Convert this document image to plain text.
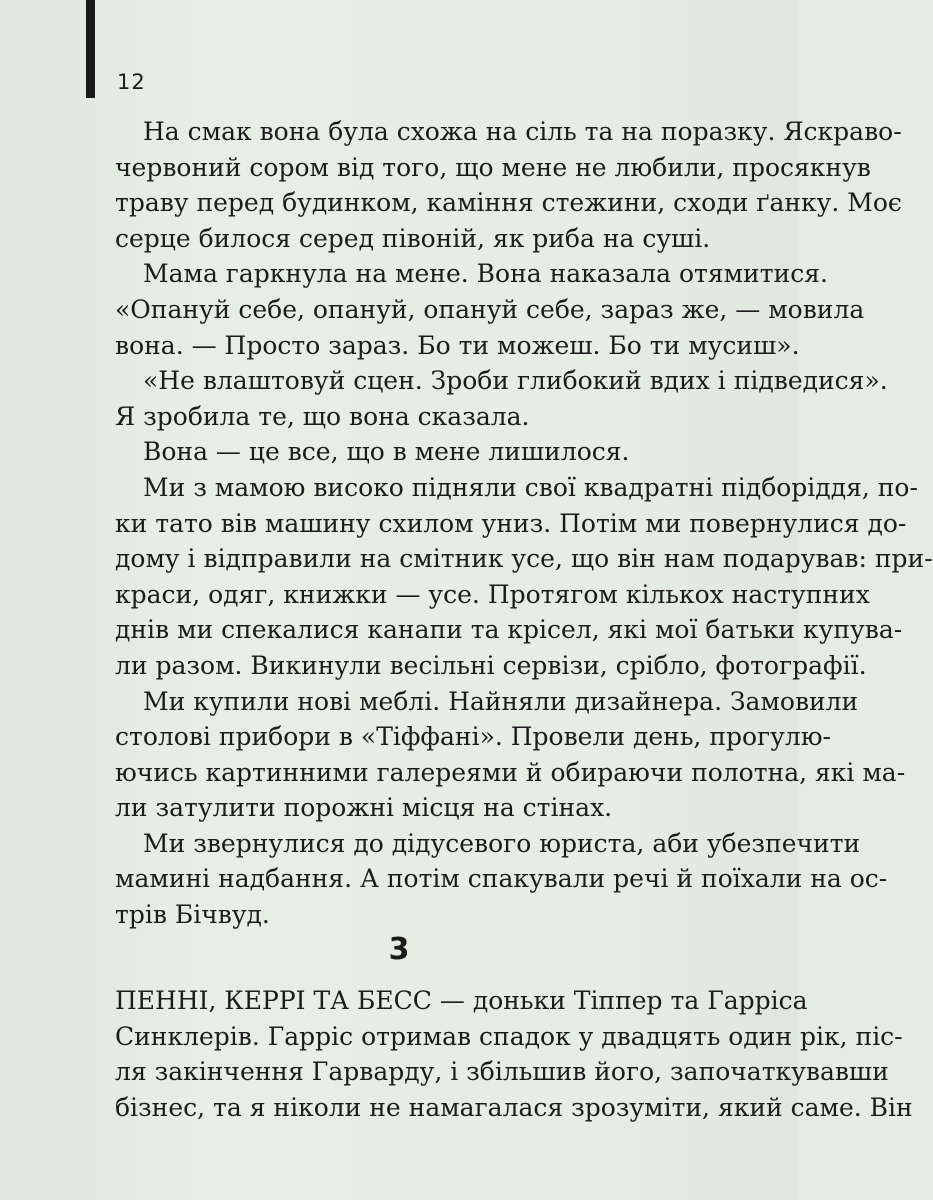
12
На смак вона була схожа на сіль та на поразку. Яскраво-
червоний сором від того, що мене не любили, просякнув
траву перед будинком, каміння стежини, сходи ґанку. Моє
серце билося серед півоній, як риба на суші.
Мама гаркнула на мене. Вона наказала отямитися.
«Опануй себе, опануй, опануй себе, зараз же, — мовила
вона. — Просто зараз. Бо ти можеш. Бо ти мусиш».
«Не влаштовуй сцен. Зроби глибокий вдих і підведися».
Я зробила те, що вона сказала.
Вона — це все, що в мене лишилося.
Ми з мамою високо підняли свої квадратні підборіддя, по-
ки тато вів машину схилом униз. Потім ми повернулися до-
дому і відправили на смітник усе, що він нам подарував: при-
краси, одяг, книжки — усе. Протягом кількох наступних
днів ми спекалися канапи та крісел, які мої батьки купува-
ли разом. Викинули весільні сервізи, срібло, фотографії.
Ми купили нові меблі. Найняли дизайнера. Замовили
столові прибори в «Тіффані». Провели день, прогулю-
ючись картинними галереями й обираючи полотна, які ма-
ли затулити порожні місця на стінах.
Ми звернулися до дідусевого юриста, аби убезпечити
мамині надбання. А потім спакували речі й поїхали на ос-
трів Бічвуд.
3
ПЕННІ, КЕРРІ ТА БЕСС — доньки Тіппер та Гарріса
Синклерів. Гарріс отримав спадок у двадцять один рік, піс-
ля закінчення Гарварду, і збільшив його, започаткувавши
бізнес, та я ніколи не намагалася зрозуміти, який саме. Він
